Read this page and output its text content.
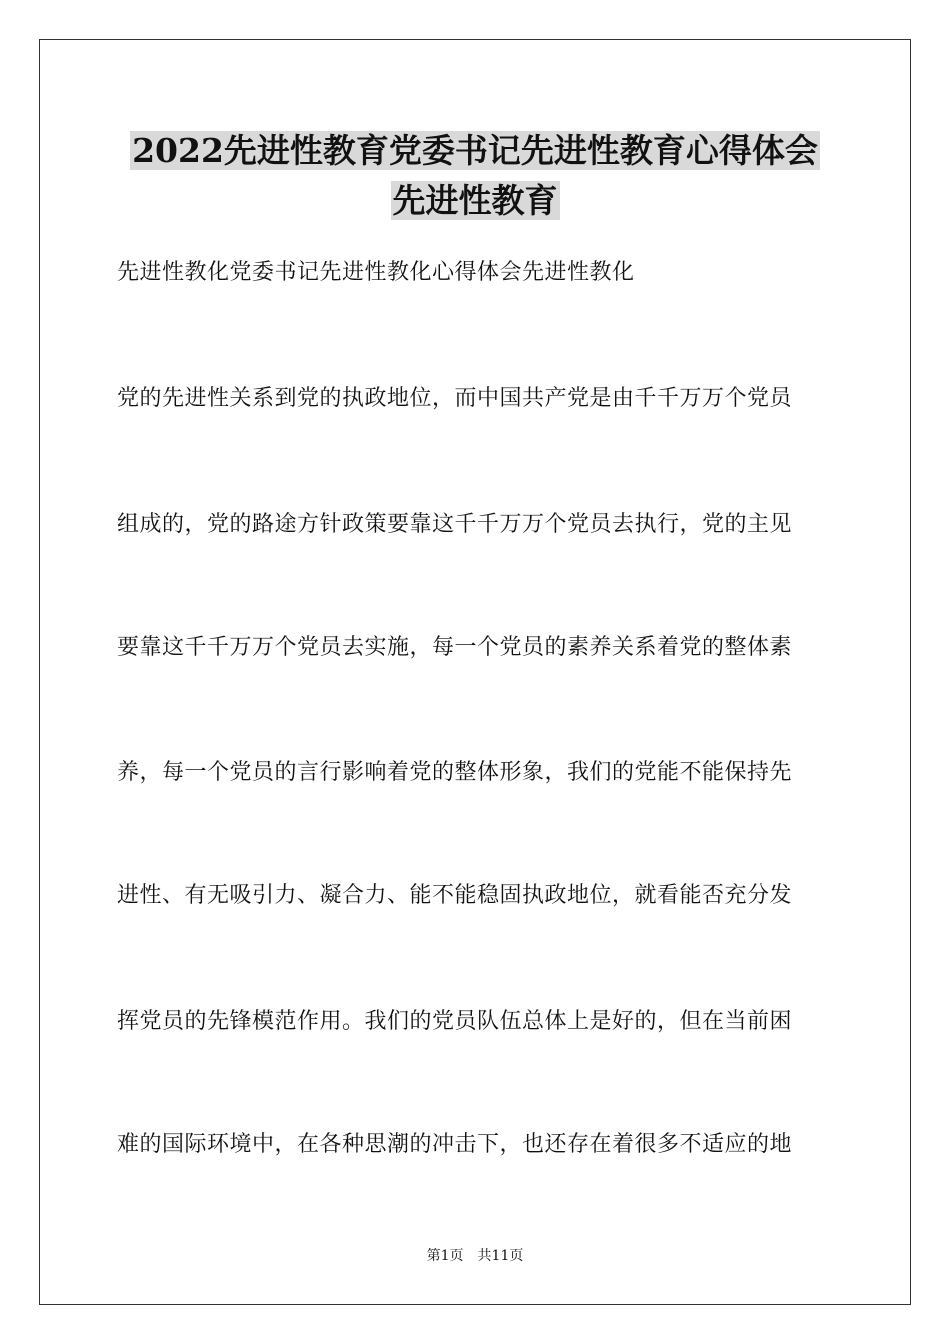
2022先进性教育党委书记先进性教育心得体会
先进性教育
先进性教化党委书记先进性教化心得体会先进性教化
党的先进性关系到党的执政地位，而中国共产党是由千千万万个党员
组成的，党的路途方针政策要靠这千千万万个党员去执行，党的主见
要靠这千千万万个党员去实施，每一个党员的素养关系着党的整体素
养，每一个党员的言行影响着党的整体形象，我们的党能不能保持先
进性、有无吸引力、凝合力、能不能稳固执政地位，就看能否充分发
挥党员的先锋模范作用。我们的党员队伍总体上是好的，但在当前困
难的国际环境中，在各种思潮的冲击下，也还存在着很多不适应的地
第1页　共11页
